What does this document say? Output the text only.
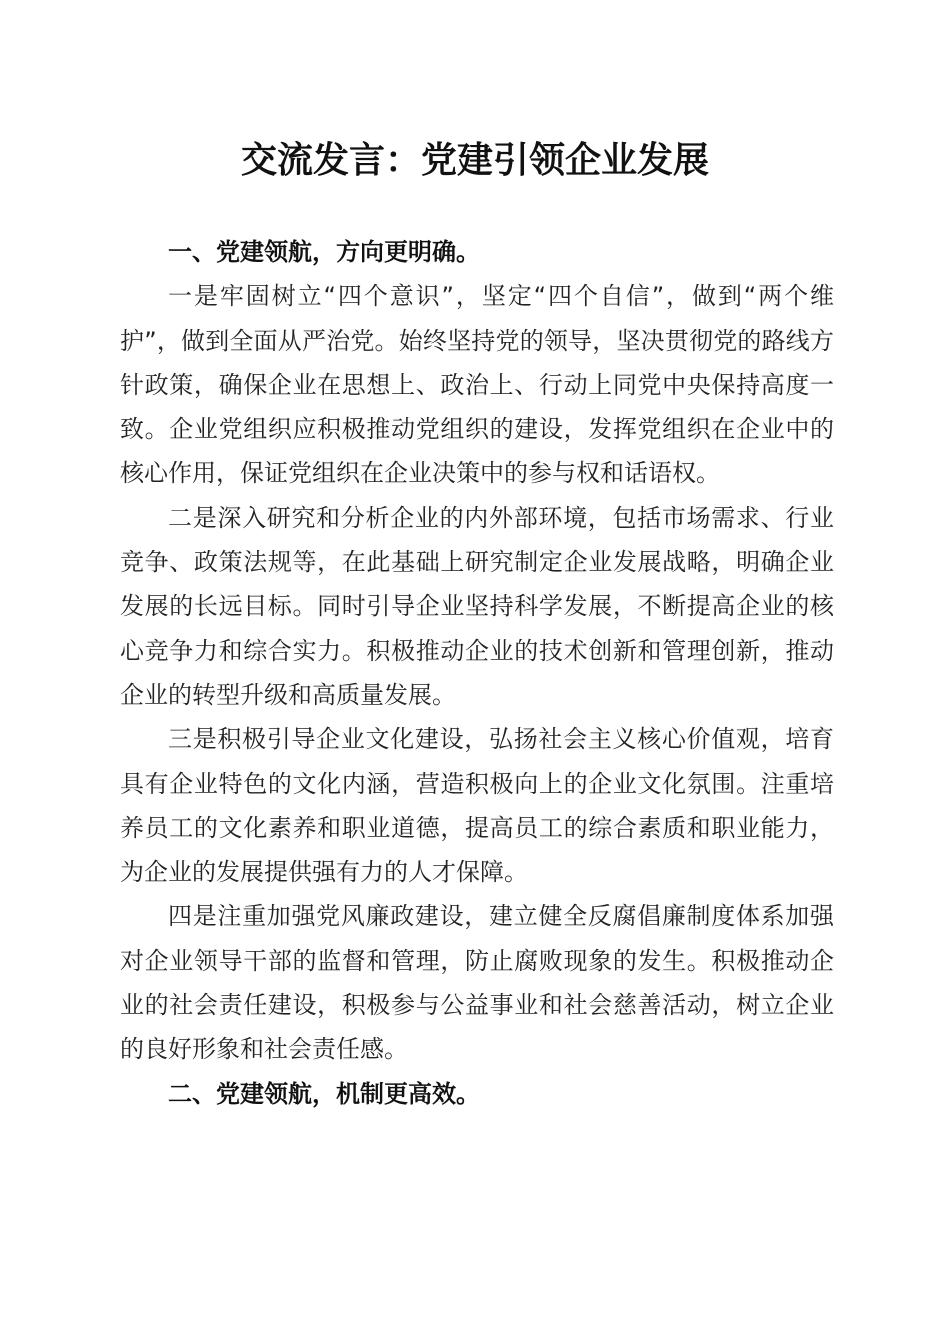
交流发言：党建引领企业发展

一、党建领航，方向更明确。

一是牢固树立“四个意识”，坚定“四个自信”，做到“两个维护”，做到全面从严治党。始终坚持党的领导，坚决贯彻党的路线方针政策，确保企业在思想上、政治上、行动上同党中央保持高度一致。企业党组织应积极推动党组织的建设，发挥党组织在企业中的核心作用，保证党组织在企业决策中的参与权和话语权。

二是深入研究和分析企业的内外部环境，包括市场需求、行业竞争、政策法规等，在此基础上研究制定企业发展战略，明确企业发展的长远目标。同时引导企业坚持科学发展，不断提高企业的核心竞争力和综合实力。积极推动企业的技术创新和管理创新，推动企业的转型升级和高质量发展。

三是积极引导企业文化建设，弘扬社会主义核心价值观，培育具有企业特色的文化内涵，营造积极向上的企业文化氛围。注重培养员工的文化素养和职业道德，提高员工的综合素质和职业能力，为企业的发展提供强有力的人才保障。

四是注重加强党风廉政建设，建立健全反腐倡廉制度体系加强对企业领导干部的监督和管理，防止腐败现象的发生。积极推动企业的社会责任建设，积极参与公益事业和社会慈善活动，树立企业的良好形象和社会责任感。

二、党建领航，机制更高效。
